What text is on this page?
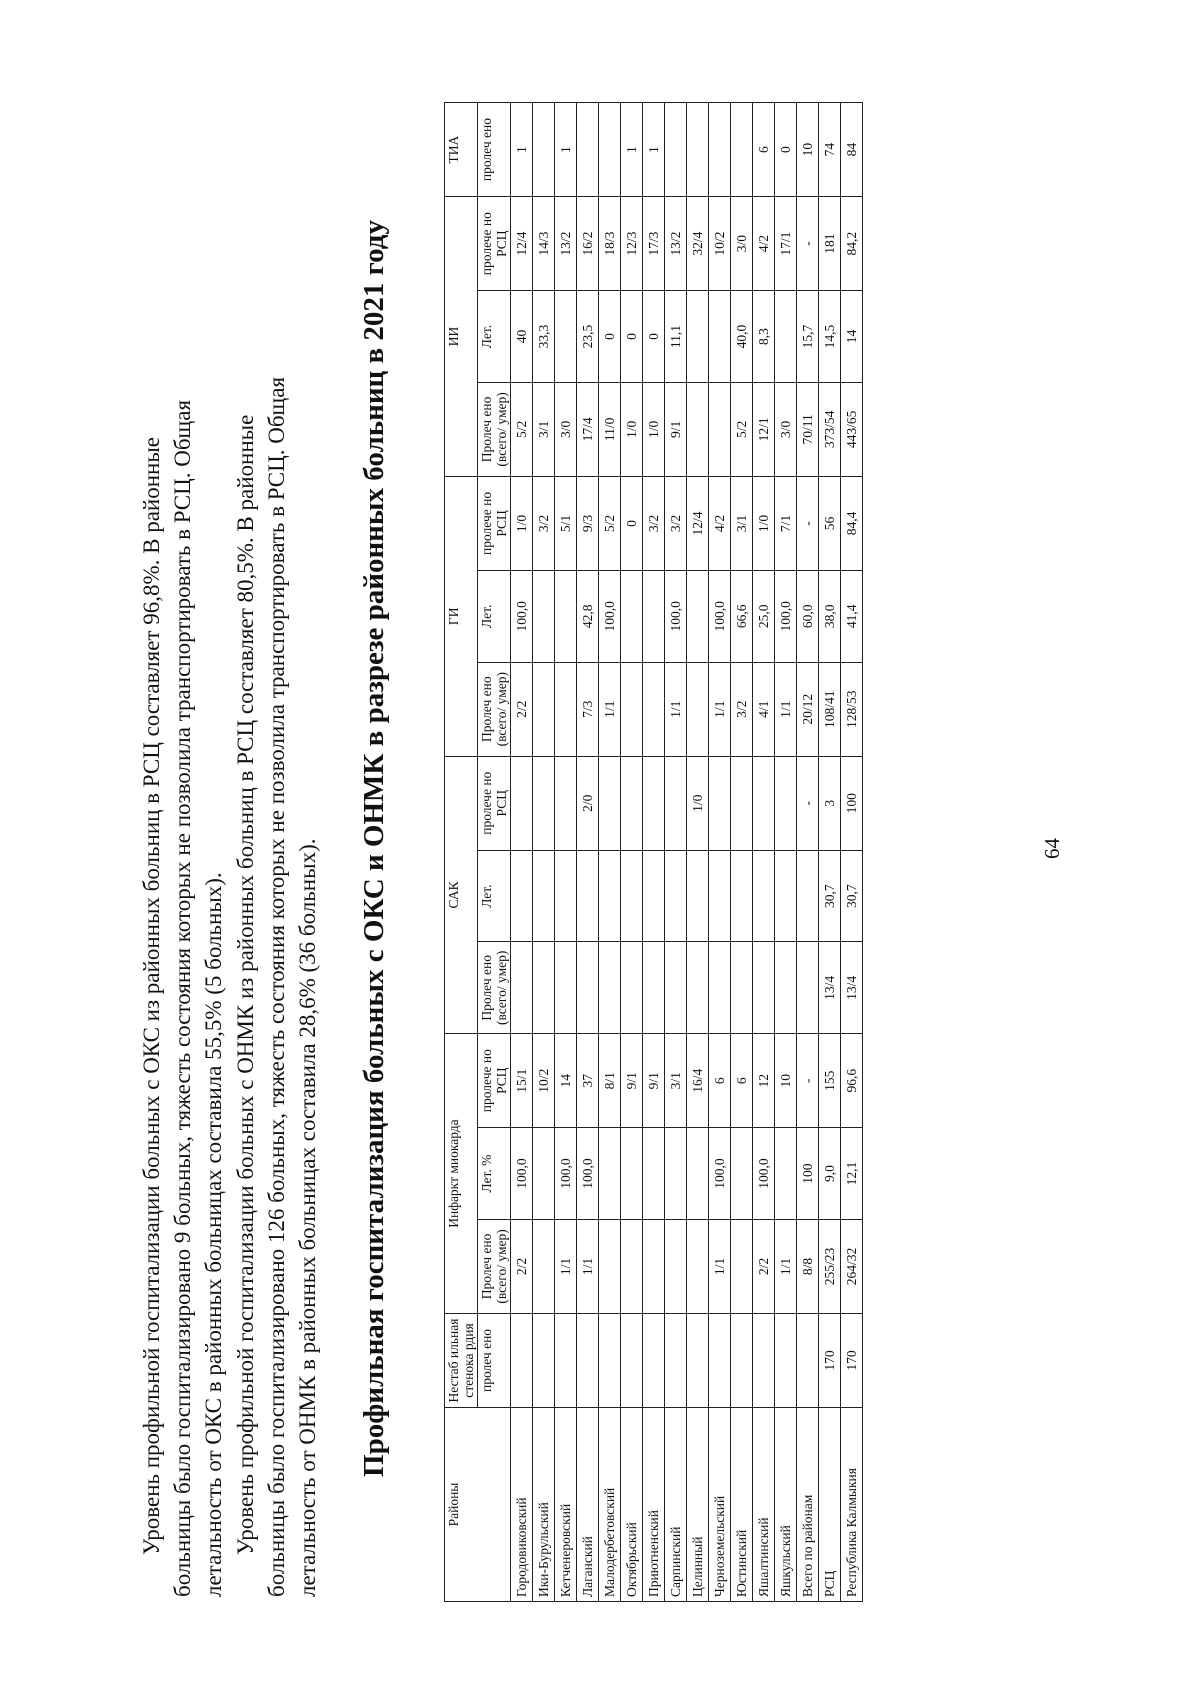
Уровень профильной госпитализации больных с ОКС из районных больниц в РСЦ составляет 96,8%. В районные больницы было госпитализировано 9 больных, тяжесть состояния которых не позволила транспортировать в РСЦ. Общая летальность от ОКС в районных больницах составила 55,5% (5 больных). Уровень профильной госпитализации больных с ОНМК из районных больниц в РСЦ составляет 80,5%. В районные больницы было госпитализировано 126 больных, тяжесть состояния которых не позволила транспортировать в РСЦ. Общая летальность от ОНМК в районных больницах составила 28,6% (36 больных). Профильная госпитализация больных с ОКС и ОНМК в разрезе районных больниц в 2021 году
Районы	Нестаб ильная стенока рдия	Инфаркт миокарда			САК			ГИ			ИИ			ТИА
	пролеч ено	Пролеч ено (всего/ умер)	Лет. %	пролече но РСЦ	Пролеч ено (всего/ умер)	Лет.	пролече но РСЦ	Пролеч ено (всего/ умер)	Лет.	пролече но РСЦ	Пролеч ено (всего/ умер)	Лет.	пролече но РСЦ	пролеч ено
Городовиковский		2/2	100,0	15/1				2/2	100,0	1/0	5/2	40	12/4	1
Ики-Бурульский				10/2						3/2	3/1	33,3	14/3	
Кетченеровский		1/1	100,0	14						5/1	3/0		13/2	1
Лаганский		1/1	100,0	37			2/0	7/3	42,8	9/3	17/4	23,5	16/2	
Малодербетовский				8/1				1/1	100,0	5/2	11/0	0	18/3	
Октябрьский				9/1						0	1/0	0	12/3	1
Приютненский				9/1						3/2	1/0	0	17/3	1
Сарпинский				3/1				1/1	100,0	3/2	9/1	11,1	13/2	
Целинный				16/4			1/0			12/4			32/4	
Черноземельский		1/1	100,0	6				1/1	100,0	4/2			10/2	
Юстинский				6				3/2	66,6	3/1	5/2	40,0	3/0	
Яшалтинский		2/2	100,0	12				4/1	25,0	1/0	12/1	8,3	4/2	6
Яшкульский		1/1		10				1/1	100,0	7/1	3/0		17/1	0
Всего по районам		8/8	100	-			-	20/12	60,0	-	70/11	15,7	-	10
РСЦ	170	255/23	9,0	155	13/4	30,7	3	108/41	38,0	56	373/54	14,5	181	74
Республика Калмыкия	170	264/32	12,1	96,6	13/4	30,7	100	128/53	41,4	84,4	443/65	14	84,2	84
64
